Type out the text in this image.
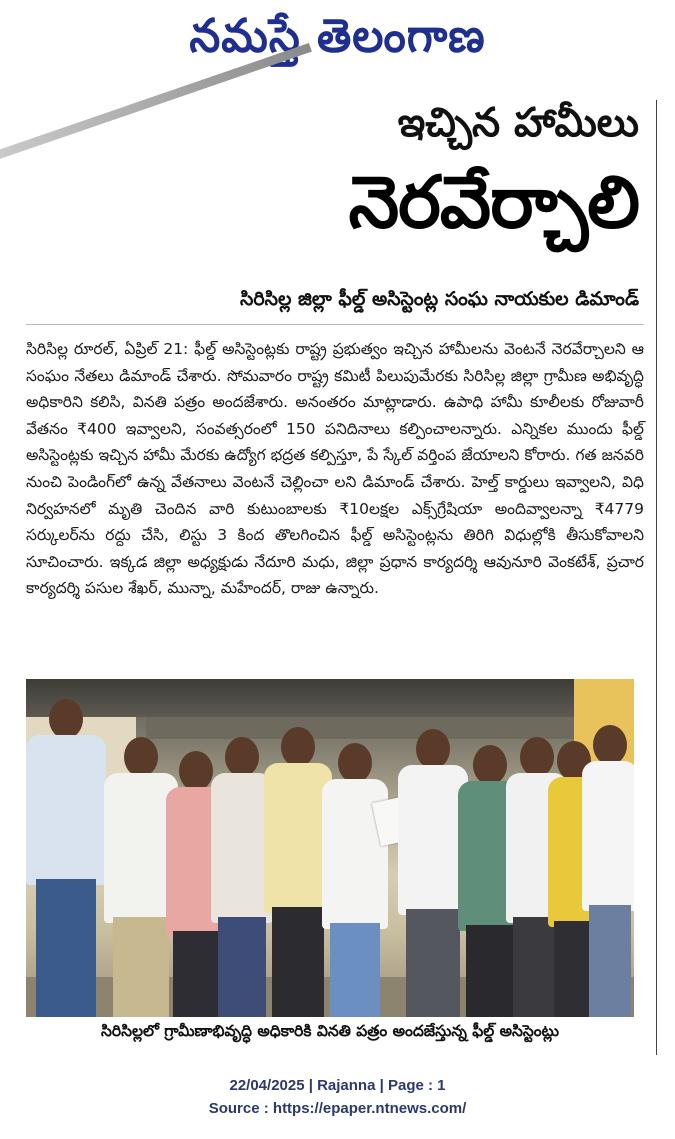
నమస్తే తెలంగాణ
ఇచ్చిన హామీలు
నెరవేర్చాలి
సిరిసిల్ల జిల్లా ఫీల్డ్ అసిస్టెంట్ల సంఘ నాయకుల డిమాండ్

సిరిసిల్ల రూరల్, ఏప్రిల్ 21: ఫీల్డ్ అసిస్టెంట్లకు రాష్ట్ర ప్రభుత్వం ఇచ్చిన హామీలను వెంటనే నెరవేర్చాలని ఆ సంఘం నేతలు డిమాండ్ చేశారు. సోమవారం రాష్ట్ర కమిటీ పిలుపుమేరకు సిరిసిల్ల జిల్లా గ్రామీణ అభివృద్ధి అధికారిని కలిసి, వినతి పత్రం అందజేశారు. అనంతరం మాట్లాడారు. ఉపాధి హామీ కూలీలకు రోజువారీ వేతనం ₹400 ఇవ్వాలని, సంవత్సరంలో 150 పనిదినాలు కల్పించాలన్నారు. ఎన్నికల ముందు ఫీల్డ్ అసిస్టెంట్లకు ఇచ్చిన హామీ మేరకు ఉద్యోగ భద్రత కల్పిస్తూ, పే స్కేల్ వర్తింప జేయాలని కోరారు. గత జనవరి నుంచి పెండింగ్‌లో ఉన్న వేతనాలు వెంటనే చెల్లించా లని డిమాండ్ చేశారు. హెల్త్ కార్డులు ఇవ్వాలని, విధి నిర్వహనలో మృతి చెందిన వారి కుటుంబాలకు ₹10లక్షల ఎక్స్‌గ్రేషియా అందివ్వాలన్నా ₹4779 సర్కులర్‌ను రద్దు చేసి, లిస్టు 3 కింద తొలగించిన ఫీల్డ్ అసిస్టెంట్లను తిరిగి విధుల్లోకి తీసుకోవాలని సూచించారు. ఇక్కడ జిల్లా అధ్యక్షుడు నేదూరి మధు, జిల్లా ప్రధాన కార్యదర్శి ఆవునూరి వెంకటేశ్, ప్రచార కార్యదర్శి పసుల శేఖర్, మున్నా, మహేందర్, రాజు ఉన్నారు.

సిరిసిల్లలో గ్రామీణాభివృద్ధి అధికారికి వినతి పత్రం అందజేస్తున్న ఫీల్డ్ అసిస్టెంట్లు
22/04/2025 | Rajanna | Page : 1
Source : https://epaper.ntnews.com/
